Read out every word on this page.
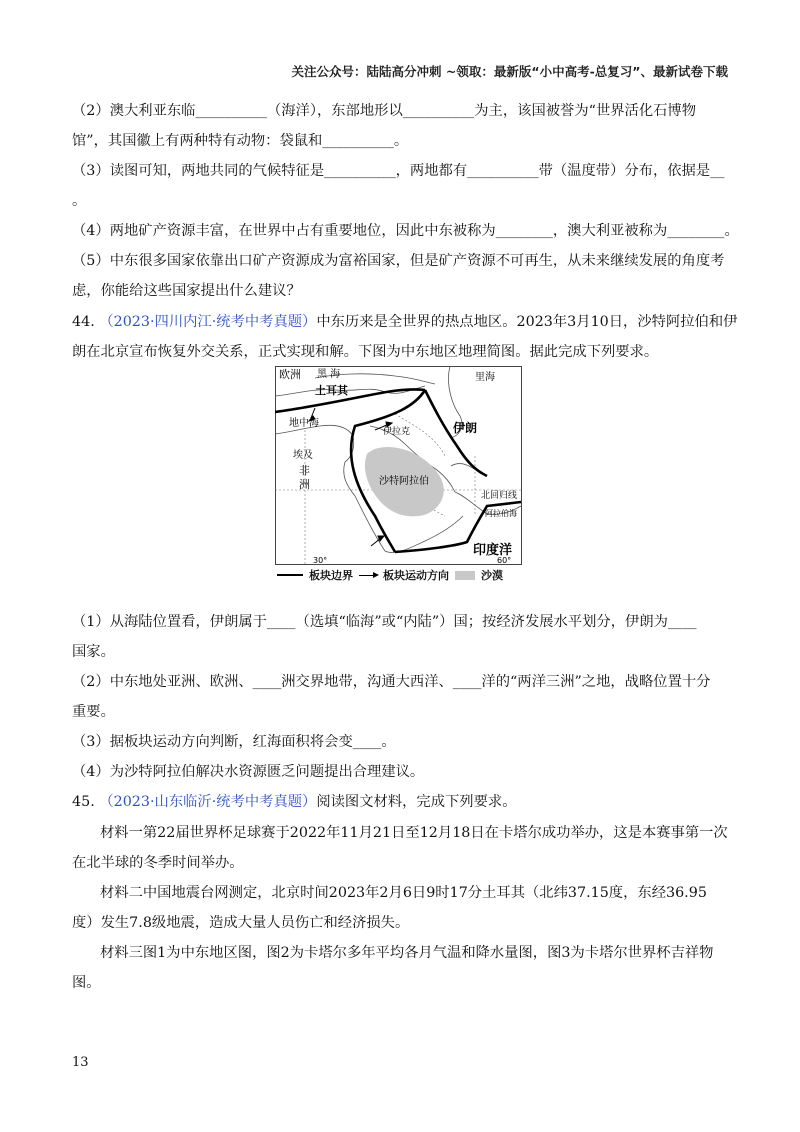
关注公众号：陆陆高分冲刺 ~领取：最新版“小中高考-总复习”、最新试卷下载
（2）澳大利亚东临__________（海洋），东部地形以__________为主，该国被誉为“世界活化石博物
馆”，其国徽上有两种特有动物：袋鼠和__________。
（3）读图可知，两地共同的气候特征是__________，两地都有__________带（温度带）分布，依据是__
。
（4）两地矿产资源丰富，在世界中占有重要地位，因此中东被称为________，澳大利亚被称为________。
（5）中东很多国家依靠出口矿产资源成为富裕国家，但是矿产资源不可再生，从未来继续发展的角度考
虑，你能给这些国家提出什么建议？
44. （2023·四川内江·统考中考真题）中东历来是全世界的热点地区。2023年3月10日，沙特阿拉伯和伊
朗在北京宣布恢复外交关系，正式实现和解。下图为中东地区地理简图。据此完成下列要求。
欧洲 黑 海	里海
土耳其
地中海
伊拉克	伊朗
埃及
非
洲	沙特阿拉伯
北回归线
阿拉伯海
印度洋
30°	60°
板块边界	板块运动方向	沙漠
（1）从海陆位置看，伊朗属于____（选填“临海”或“内陆”）国；按经济发展水平划分，伊朗为____
国家。
（2）中东地处亚洲、欧洲、____洲交界地带，沟通大西洋、____洋的“两洋三洲”之地，战略位置十分
重要。
（3）据板块运动方向判断，红海面积将会变____。
（4）为沙特阿拉伯解决水资源匮乏问题提出合理建议。
45. （2023·山东临沂·统考中考真题）阅读图文材料，完成下列要求。
材料一第22届世界杯足球赛于2022年11月21日至12月18日在卡塔尔成功举办，这是本赛事第一次
在北半球的冬季时间举办。
材料二中国地震台网测定，北京时间2023年2月6日9时17分土耳其（北纬37.15度，东经36.95
度）发生7.8级地震，造成大量人员伤亡和经济损失。
材料三图1为中东地区图，图2为卡塔尔多年平均各月气温和降水量图，图3为卡塔尔世界杯吉祥物
图。
13
